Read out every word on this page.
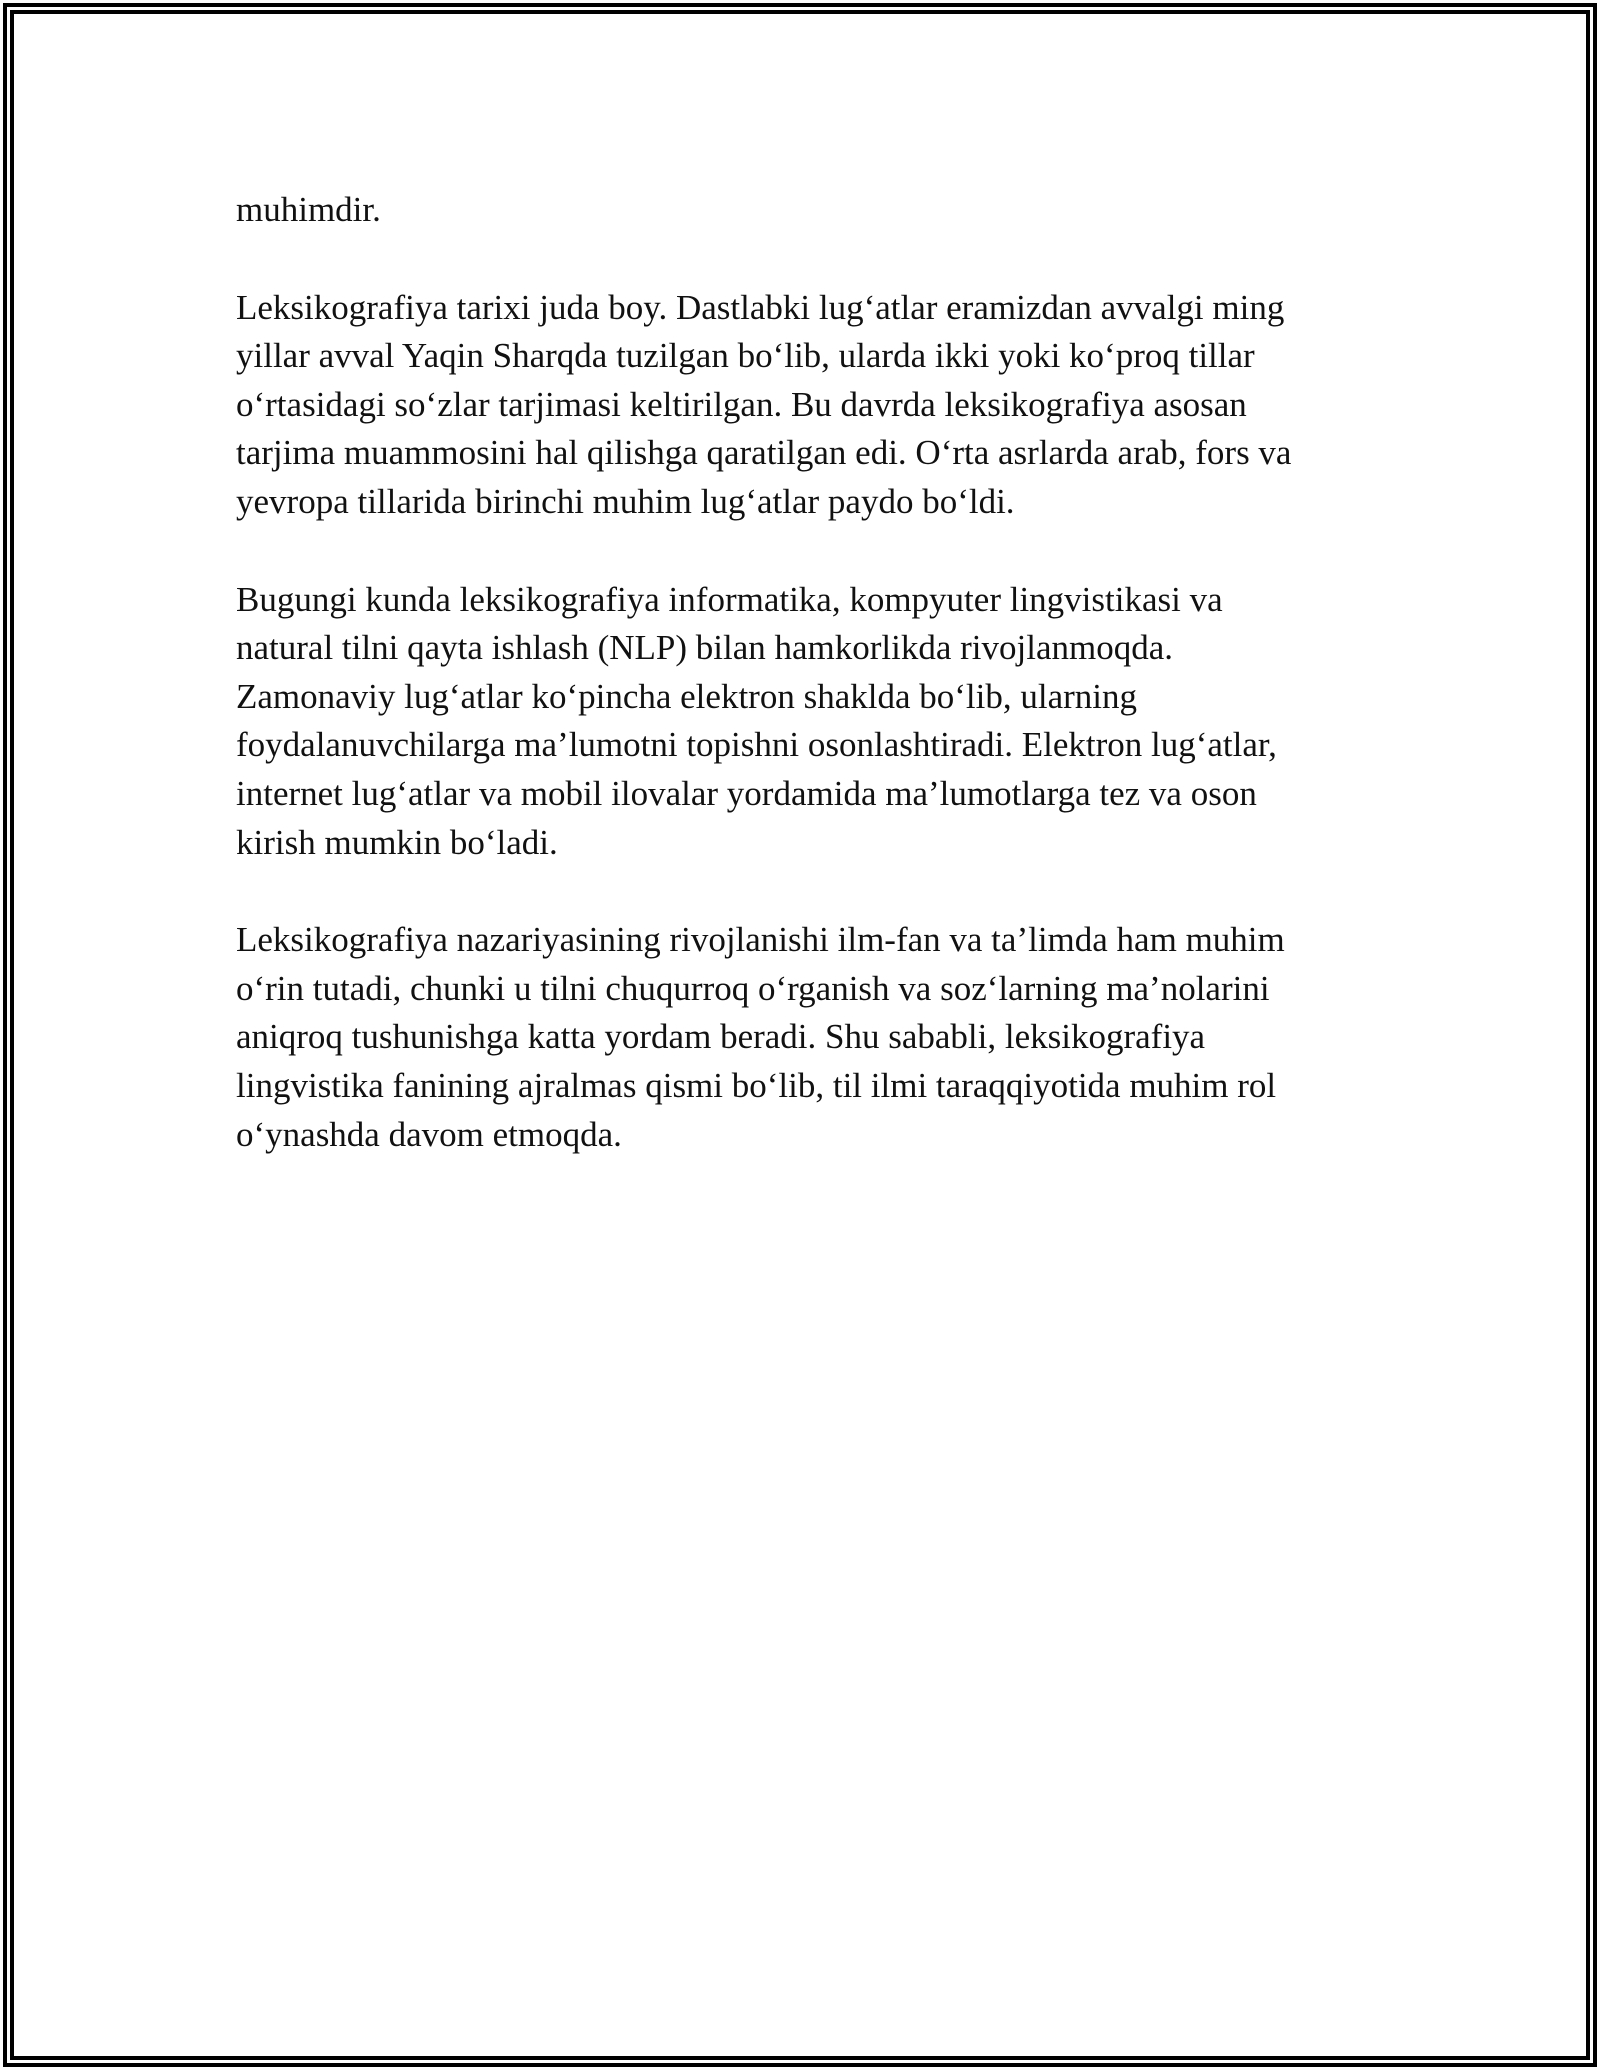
muhimdir.

Leksikografiya tarixi juda boy. Dastlabki lug‘atlar eramizdan avvalgi ming
yillar avval Yaqin Sharqda tuzilgan bo‘lib, ularda ikki yoki ko‘proq tillar
o‘rtasidagi so‘zlar tarjimasi keltirilgan. Bu davrda leksikografiya asosan
tarjima muammosini hal qilishga qaratilgan edi. O‘rta asrlarda arab, fors va
yevropa tillarida birinchi muhim lug‘atlar paydo bo‘ldi.

Bugungi kunda leksikografiya informatika, kompyuter lingvistikasi va
natural tilni qayta ishlash (NLP) bilan hamkorlikda rivojlanmoqda.
Zamonaviy lug‘atlar ko‘pincha elektron shaklda bo‘lib, ularning
foydalanuvchilarga ma’lumotni topishni osonlashtiradi. Elektron lug‘atlar,
internet lug‘atlar va mobil ilovalar yordamida ma’lumotlarga tez va oson
kirish mumkin bo‘ladi.

Leksikografiya nazariyasining rivojlanishi ilm-fan va ta’limda ham muhim
o‘rin tutadi, chunki u tilni chuqurroq o‘rganish va soz‘larning ma’nolarini
aniqroq tushunishga katta yordam beradi. Shu sababli, leksikografiya
lingvistika fanining ajralmas qismi bo‘lib, til ilmi taraqqiyotida muhim rol
o‘ynashda davom etmoqda.
